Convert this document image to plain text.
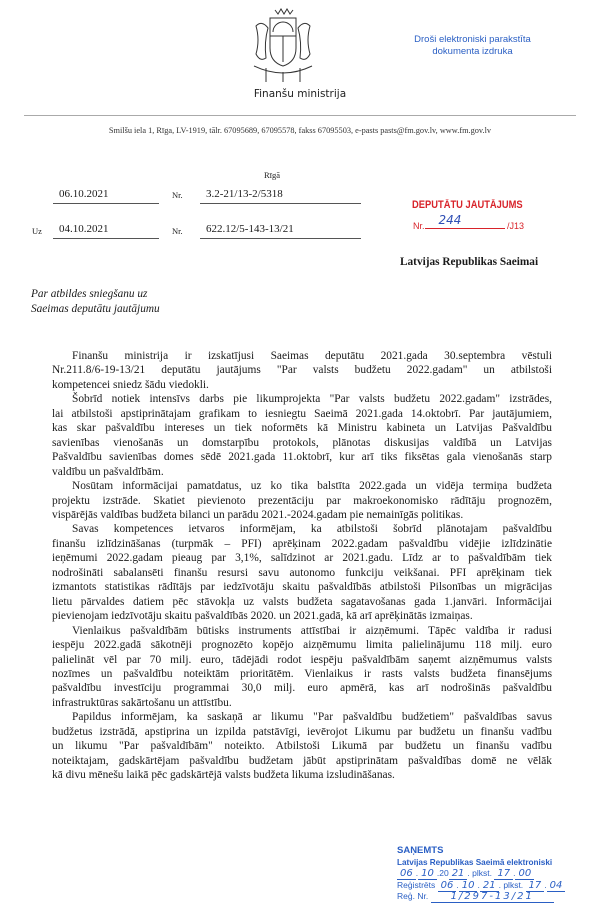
Finanšu ministrija
Droši elektroniski parakstīta
dokumenta izdruka
Smilšu iela 1, Rīga, LV-1919, tālr. 67095689, 67095578, fakss 67095503, e-pasts pasts@fm.gov.lv, www.fm.gov.lv
Rīgā
06.10.2021	Nr.	3.2-21/13-2/5318
Uz	04.10.2021	Nr.	622.12/5-143-13/21
DEPUTĀTU JAUTĀJUMS
Nr. 244	/J13
Latvijas Republikas Saeimai
Par atbildes sniegšanu uz
Saeimas deputātu jautājumu
Finanšu ministrija ir izskatījusi Saeimas deputātu 2021.gada 30.septembra vēstuli
Nr.211.8/6-19-13/21 deputātu jautājums "Par valsts budžetu 2022.gadam" un atbilstoši
kompetencei sniedz šādu viedokli.
Šobrīd notiek intensīvs darbs pie likumprojekta "Par valsts budžetu 2022.gadam" izstrādes,
lai atbilstoši apstiprinātajam grafikam to iesniegtu Saeimā 2021.gada 14.oktobrī. Par jautājumiem,
kas skar pašvaldību intereses un tiek noformēts kā Ministru kabineta un Latvijas Pašvaldību
savienības vienošanās un domstarpību protokols, plānotas diskusijas valdībā un Latvijas
Pašvaldību savienības domes sēdē 2021.gada 11.oktobrī, kur arī tiks fiksētas gala vienošanās starp
valdību un pašvaldībām.
Nosūtam informācijai pamatdatus, uz ko tika balstīta 2022.gada un vidēja termiņa budžeta
projektu izstrāde. Skatiet pievienoto prezentāciju par makroekonomisko rādītāju prognozēm,
vispārējās valdības budžeta bilanci un parādu 2021.-2024.gadam pie nemainīgās politikas.
Savas kompetences ietvaros informējam, ka atbilstoši šobrīd plānotajam pašvaldību
finanšu izlīdzināšanas (turpmāk – PFI) aprēķinam 2022.gadam pašvaldību vidējie izlīdzinātie
ieņēmumi 2022.gadam pieaug par 3,1%, salīdzinot ar 2021.gadu. Līdz ar to pašvaldībām tiek
nodrošināti sabalansēti finanšu resursi savu autonomo funkciju veikšanai. PFI aprēķinam tiek
izmantots statistikas rādītājs par iedzīvotāju skaitu pašvaldībās atbilstoši Pilsonības un migrācijas
lietu pārvaldes datiem pēc stāvokļa uz valsts budžeta sagatavošanas gada 1.janvāri. Informācijai
pievienojam iedzīvotāju skaitu pašvaldībās 2020. un 2021.gadā, kā arī aprēķinātās izmaiņas.
Vienlaikus pašvaldībām būtisks instruments attīstībai ir aizņēmumi. Tāpēc valdība ir radusi
iespēju 2022.gadā sākotnēji prognozēto kopējo aizņēmumu limita palielinājumu 118 milj. euro
palielināt vēl par 70 milj. euro, tādējādi rodot iespēju pašvaldībām saņemt aizņēmumus valsts
nozīmes un pašvaldību noteiktām prioritātēm. Vienlaikus ir rasts valsts budžeta finansējums
pašvaldību investīciju programmai 30,0 milj. euro apmērā, kas arī nodrošinās pašvaldību
infrastruktūras sakārtošanu un attīstību.
Papildus informējam, ka saskaņā ar likumu "Par pašvaldību budžetiem" pašvaldības savus
budžetus izstrādā, apstiprina un izpilda patstāvīgi, ievērojot Likumu par budžetu un finanšu vadību
un likumu "Par pašvaldībām" noteikto. Atbilstoši Likumā par budžetu un finanšu vadību
noteiktajam, gadskārtējam pašvaldību budžetam jābūt apstiprinātam pašvaldības domē ne vēlāk
kā divu mēnešu laikā pēc gadskārtējā valsts budžeta likuma izsludināšanas.
SAŅEMTS
Latvijas Republikas Saeimā elektroniski
06 . 10 .20 21 . plkst. 17 . 00
Reģistrēts 06 . 10 . 21 . plkst. 17 . 04
Reģ. Nr. 1/297-13/21
